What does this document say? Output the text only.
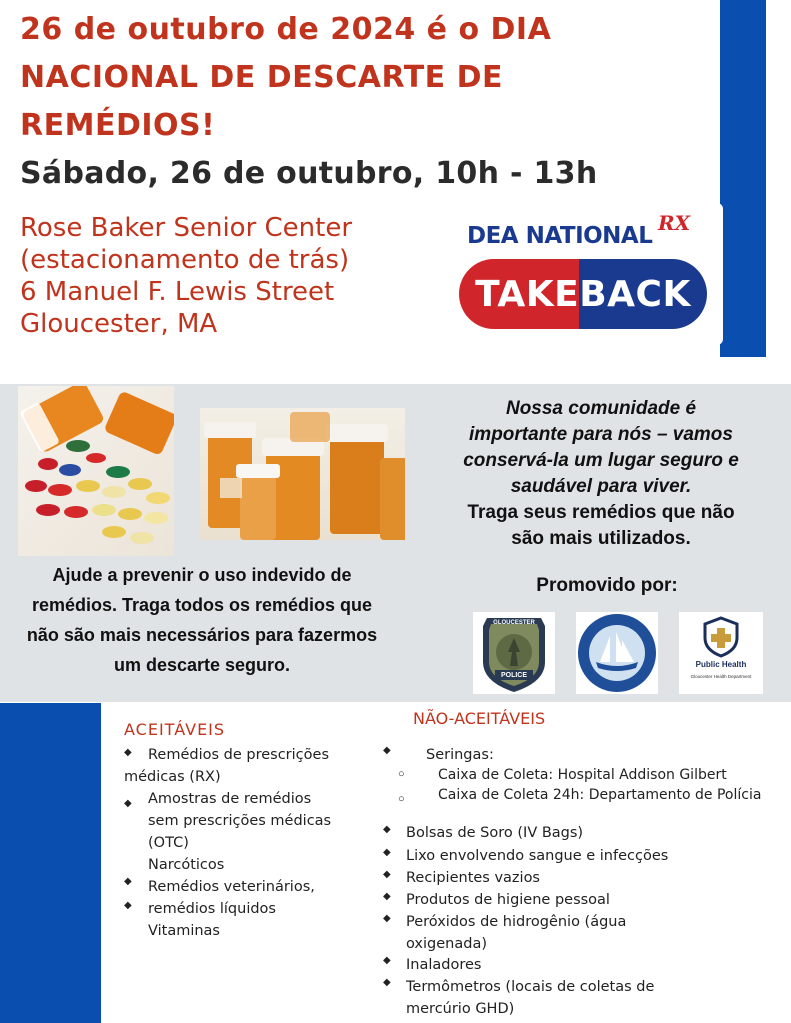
26 de outubro de 2024 é o DIA
NACIONAL DE DESCARTE DE
REMÉDIOS!
Sábado, 26 de outubro, 10h - 13h
Rose Baker Senior Center
(estacionamento de trás)
6 Manuel F. Lewis Street
Gloucester, MA
DEA NATIONAL RX
TAKEBACK
Nossa comunidade é
importante para nós – vamos
conservá-la um lugar seguro e
saudável para viver.
Traga seus remédios que não
são mais utilizados.
Ajude a prevenir o uso indevido de
remédios. Traga todos os remédios que
não são mais necessários para fazermos
um descarte seguro.
Promovido por:
GLOUCESTER
POLICE
Public Health
Gloucester Health Department
ACEITÁVEIS
◆ Remédios de prescrições
médicas (RX)
◆ Amostras de remédios
sem prescrições médicas
(OTC)
Narcóticos
◆ Remédios veterinários,
◆ remédios líquidos
Vitaminas
NÃO-ACEITÁVEIS
◆ Seringas:
○ Caixa de Coleta: Hospital Addison Gilbert
○ Caixa de Coleta 24h: Departamento de Polícia
◆ Bolsas de Soro (IV Bags)
◆ Lixo envolvendo sangue e infecções
◆ Recipientes vazios
◆ Produtos de higiene pessoal
◆ Peróxidos de hidrogênio (água
oxigenada)
◆ Inaladores
◆ Termômetros (locais de coletas de
mercúrio GHD)
